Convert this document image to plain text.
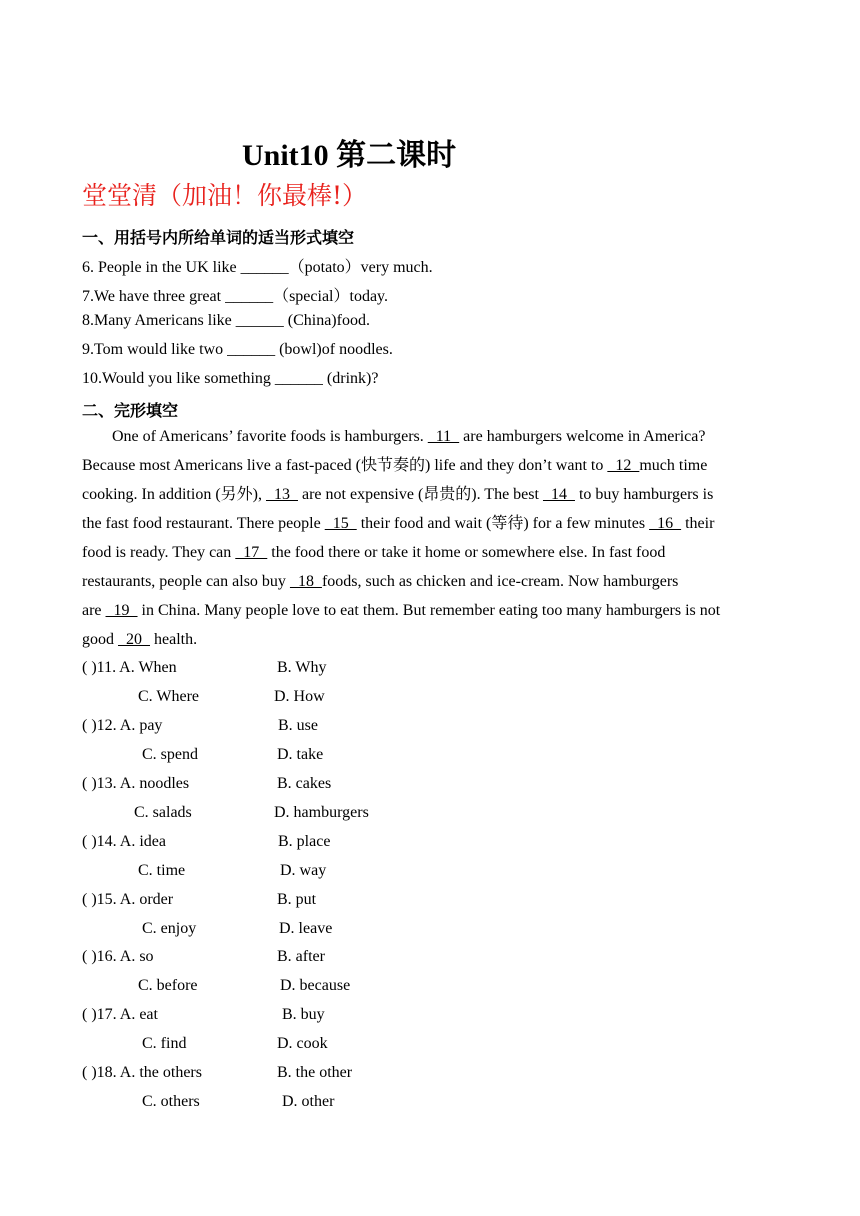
Unit10 第二课时
堂堂清（加油！你最棒!）
一、用括号内所给单词的适当形式填空
6. People in the UK like ______（potato）very much.
7.We have three great ______（special）today.
8.Many Americans like ______ (China)food.
9.Tom would like two ______ (bowl)of noodles.
10.Would you like something ______ (drink)?
二、完形填空
One of Americans’ favorite foods is hamburgers.   11   are hamburgers welcome in America?
Because most Americans live a fast-paced (快节奏的) life and they don’t want to   12  much time
cooking. In addition (另外),   13   are not expensive (昂贵的). The best   14   to buy hamburgers is
the fast food restaurant. There people   15   their food and wait (等待) for a few minutes   16   their
food is ready. They can   17   the food there or take it home or somewhere else. In fast food
restaurants, people can also buy   18  foods, such as chicken and ice-cream. Now hamburgers
are   19   in China. Many people love to eat them. But remember eating too many hamburgers is not
good   20   health.
( )11. A. When	B. Why
C. Where	D. How
( )12. A. pay	B. use
C. spend	D. take
( )13. A. noodles	B. cakes
C. salads	D. hamburgers
( )14. A. idea	B. place
C. time	D. way
( )15. A. order	B. put
C. enjoy	D. leave
( )16. A. so	B. after
C. before	D. because
( )17. A. eat	B. buy
C. find	D. cook
( )18. A. the others	B. the other
C. others	D. other
